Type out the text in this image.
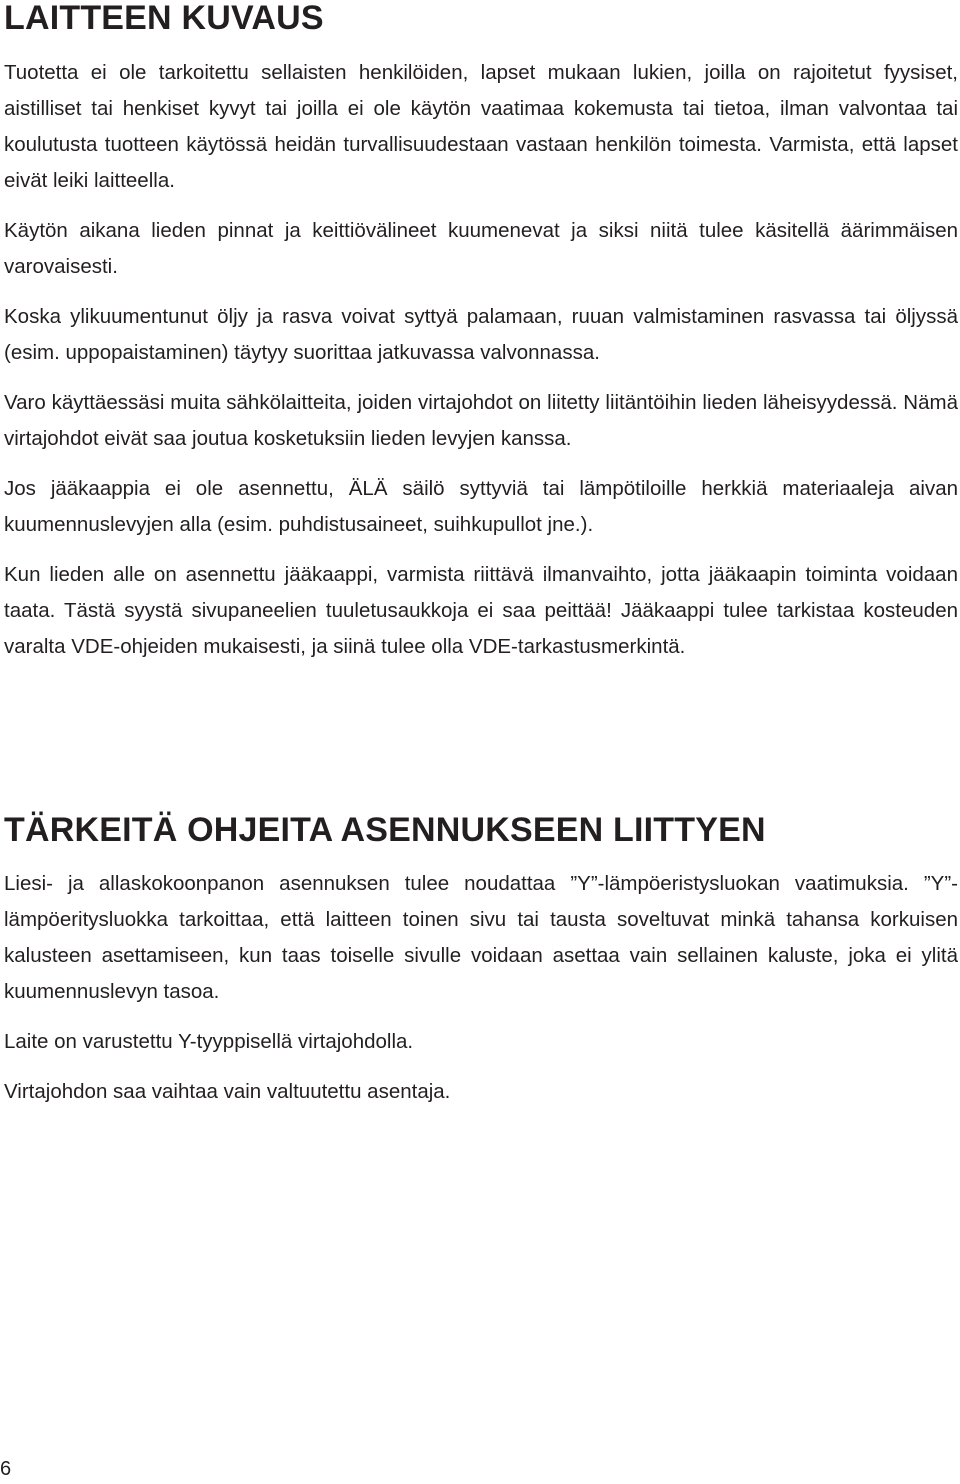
LAITTEEN KUVAUS

Tuotetta ei ole tarkoitettu sellaisten henkilöiden, lapset mukaan lukien, joilla on rajoitetut fyysiset, aistilliset tai henkiset kyvyt tai joilla ei ole käytön vaatimaa kokemusta tai tietoa, ilman valvontaa tai koulutusta tuotteen käytössä heidän turvallisuudestaan vastaan henkilön toimesta. Varmista, että lapset eivät leiki laitteella.

Käytön aikana lieden pinnat ja keittiövälineet kuumenevat ja siksi niitä tulee käsitellä äärimmäisen varovaisesti.

Koska ylikuumentunut öljy ja rasva voivat syttyä palamaan, ruuan valmistaminen rasvassa tai öljyssä (esim. uppopaistaminen) täytyy suorittaa jatkuvassa valvonnassa.

Varo käyttäessäsi muita sähkölaitteita, joiden virtajohdot on liitetty liitäntöihin lieden läheisyydessä. Nämä virtajohdot eivät saa joutua kosketuksiin lieden levyjen kanssa.

Jos jääkaappia ei ole asennettu, ÄLÄ säilö syttyviä tai lämpötiloille herkkiä materiaaleja aivan kuumennuslevyjen alla (esim. puhdistusaineet, suihkupullot jne.).

Kun lieden alle on asennettu jääkaappi, varmista riittävä ilmanvaihto, jotta jääkaapin toiminta voidaan taata. Tästä syystä sivupaneelien tuuletusaukkoja ei saa peittää! Jääkaappi tulee tarkistaa kosteuden varalta VDE-ohjeiden mukaisesti, ja siinä tulee olla VDE-tarkastusmerkintä.

TÄRKEITÄ OHJEITA ASENNUKSEEN LIITTYEN

Liesi- ja allaskokoonpanon asennuksen tulee noudattaa ”Y”-lämpöeristysluokan vaatimuksia. ”Y”-lämpöeritysluokka tarkoittaa, että laitteen toinen sivu tai tausta soveltuvat minkä tahansa korkuisen kalusteen asettamiseen, kun taas toiselle sivulle voidaan asettaa vain sellainen kaluste, joka ei ylitä kuumennuslevyn tasoa.

Laite on varustettu Y-tyyppisellä virtajohdolla.

Virtajohdon saa vaihtaa vain valtuutettu asentaja.

6
